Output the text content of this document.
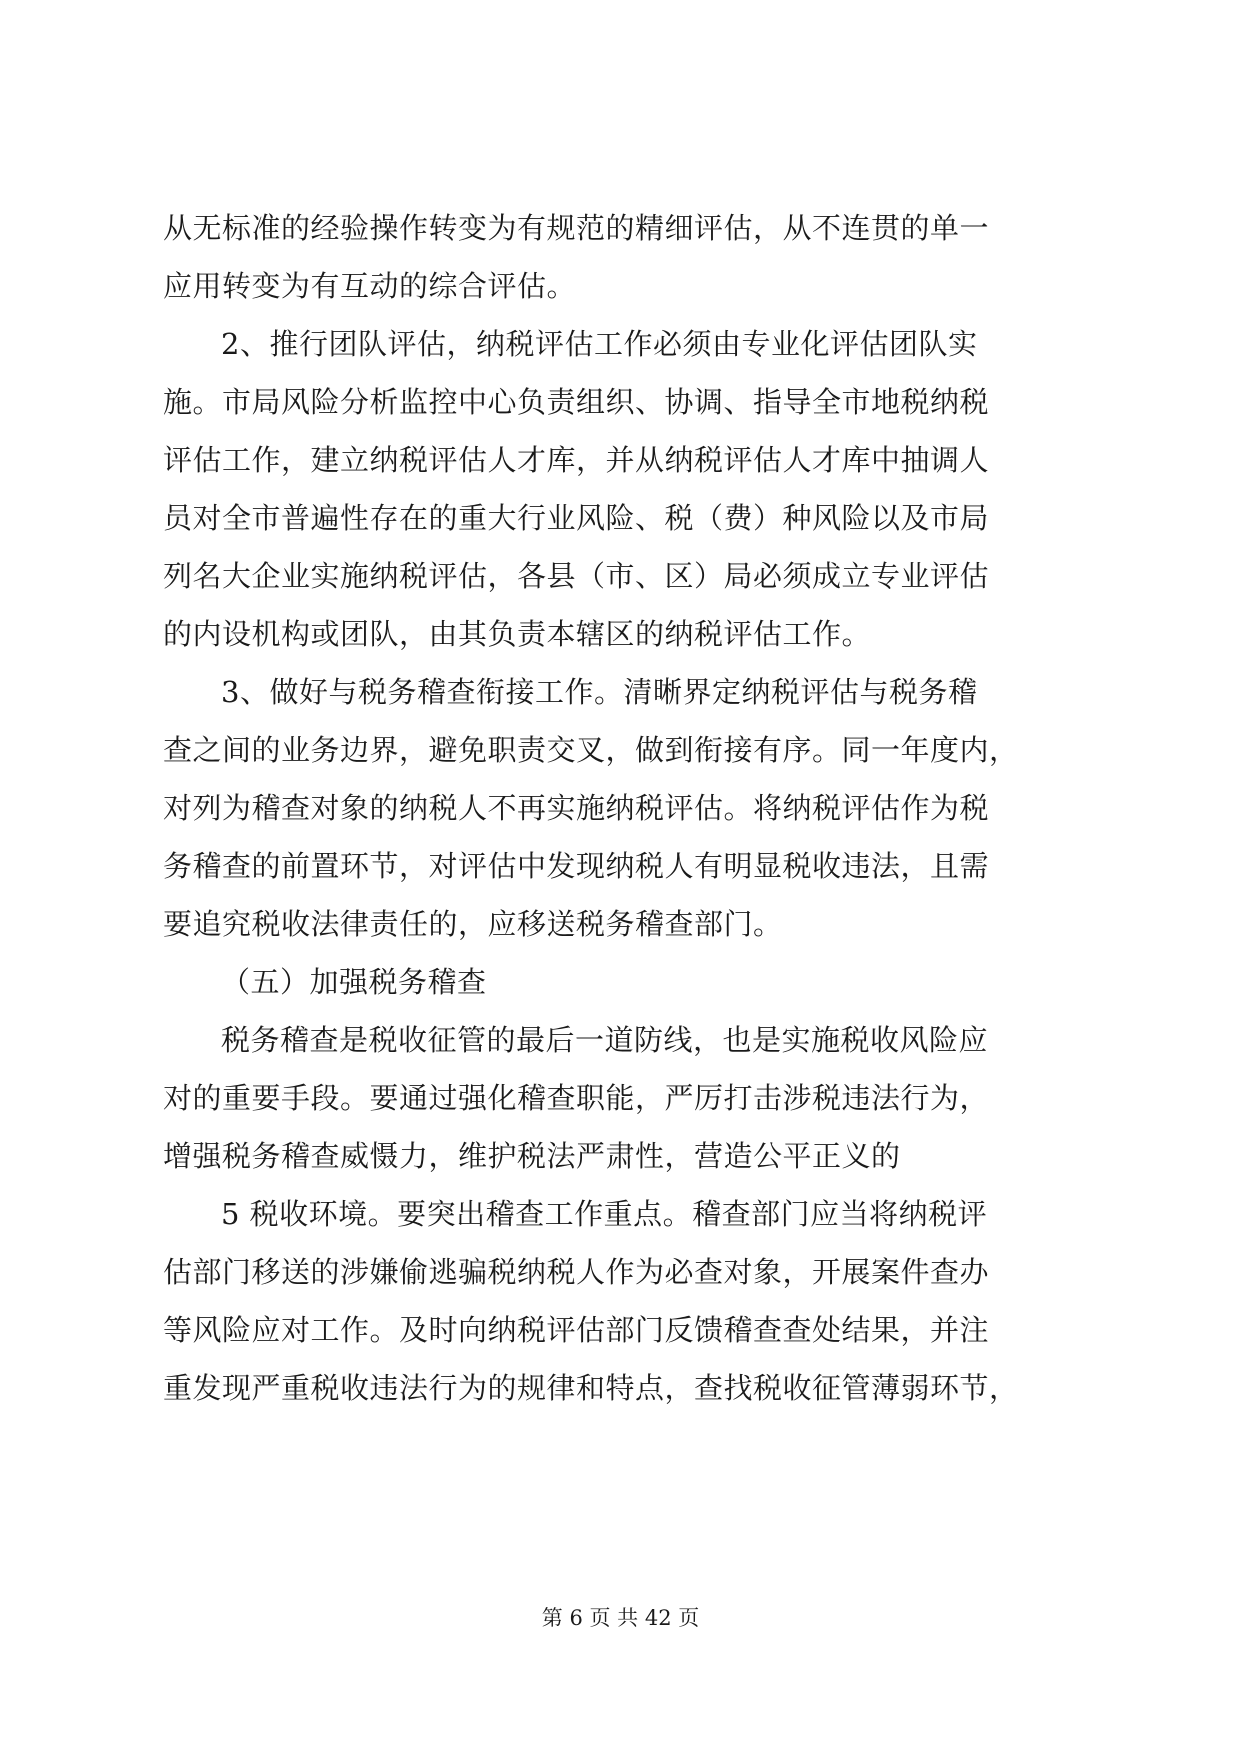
从无标准的经验操作转变为有规范的精细评估，从不连贯的单一
应用转变为有互动的综合评估。
2、推行团队评估，纳税评估工作必须由专业化评估团队实
施。市局风险分析监控中心负责组织、协调、指导全市地税纳税
评估工作，建立纳税评估人才库，并从纳税评估人才库中抽调人
员对全市普遍性存在的重大行业风险、税（费）种风险以及市局
列名大企业实施纳税评估，各县（市、区）局必须成立专业评估
的内设机构或团队，由其负责本辖区的纳税评估工作。
3、做好与税务稽查衔接工作。清晰界定纳税评估与税务稽
查之间的业务边界，避免职责交叉，做到衔接有序。同一年度内，
对列为稽查对象的纳税人不再实施纳税评估。将纳税评估作为税
务稽查的前置环节，对评估中发现纳税人有明显税收违法，且需
要追究税收法律责任的，应移送税务稽查部门。
（五）加强税务稽查
税务稽查是税收征管的最后一道防线，也是实施税收风险应
对的重要手段。要通过强化稽查职能，严厉打击涉税违法行为，
增强税务稽查威慑力，维护税法严肃性，营造公平正义的
5 税收环境。要突出稽查工作重点。稽查部门应当将纳税评
估部门移送的涉嫌偷逃骗税纳税人作为必查对象，开展案件查办
等风险应对工作。及时向纳税评估部门反馈稽查查处结果，并注
重发现严重税收违法行为的规律和特点，查找税收征管薄弱环节，
第 6 页 共 42 页
